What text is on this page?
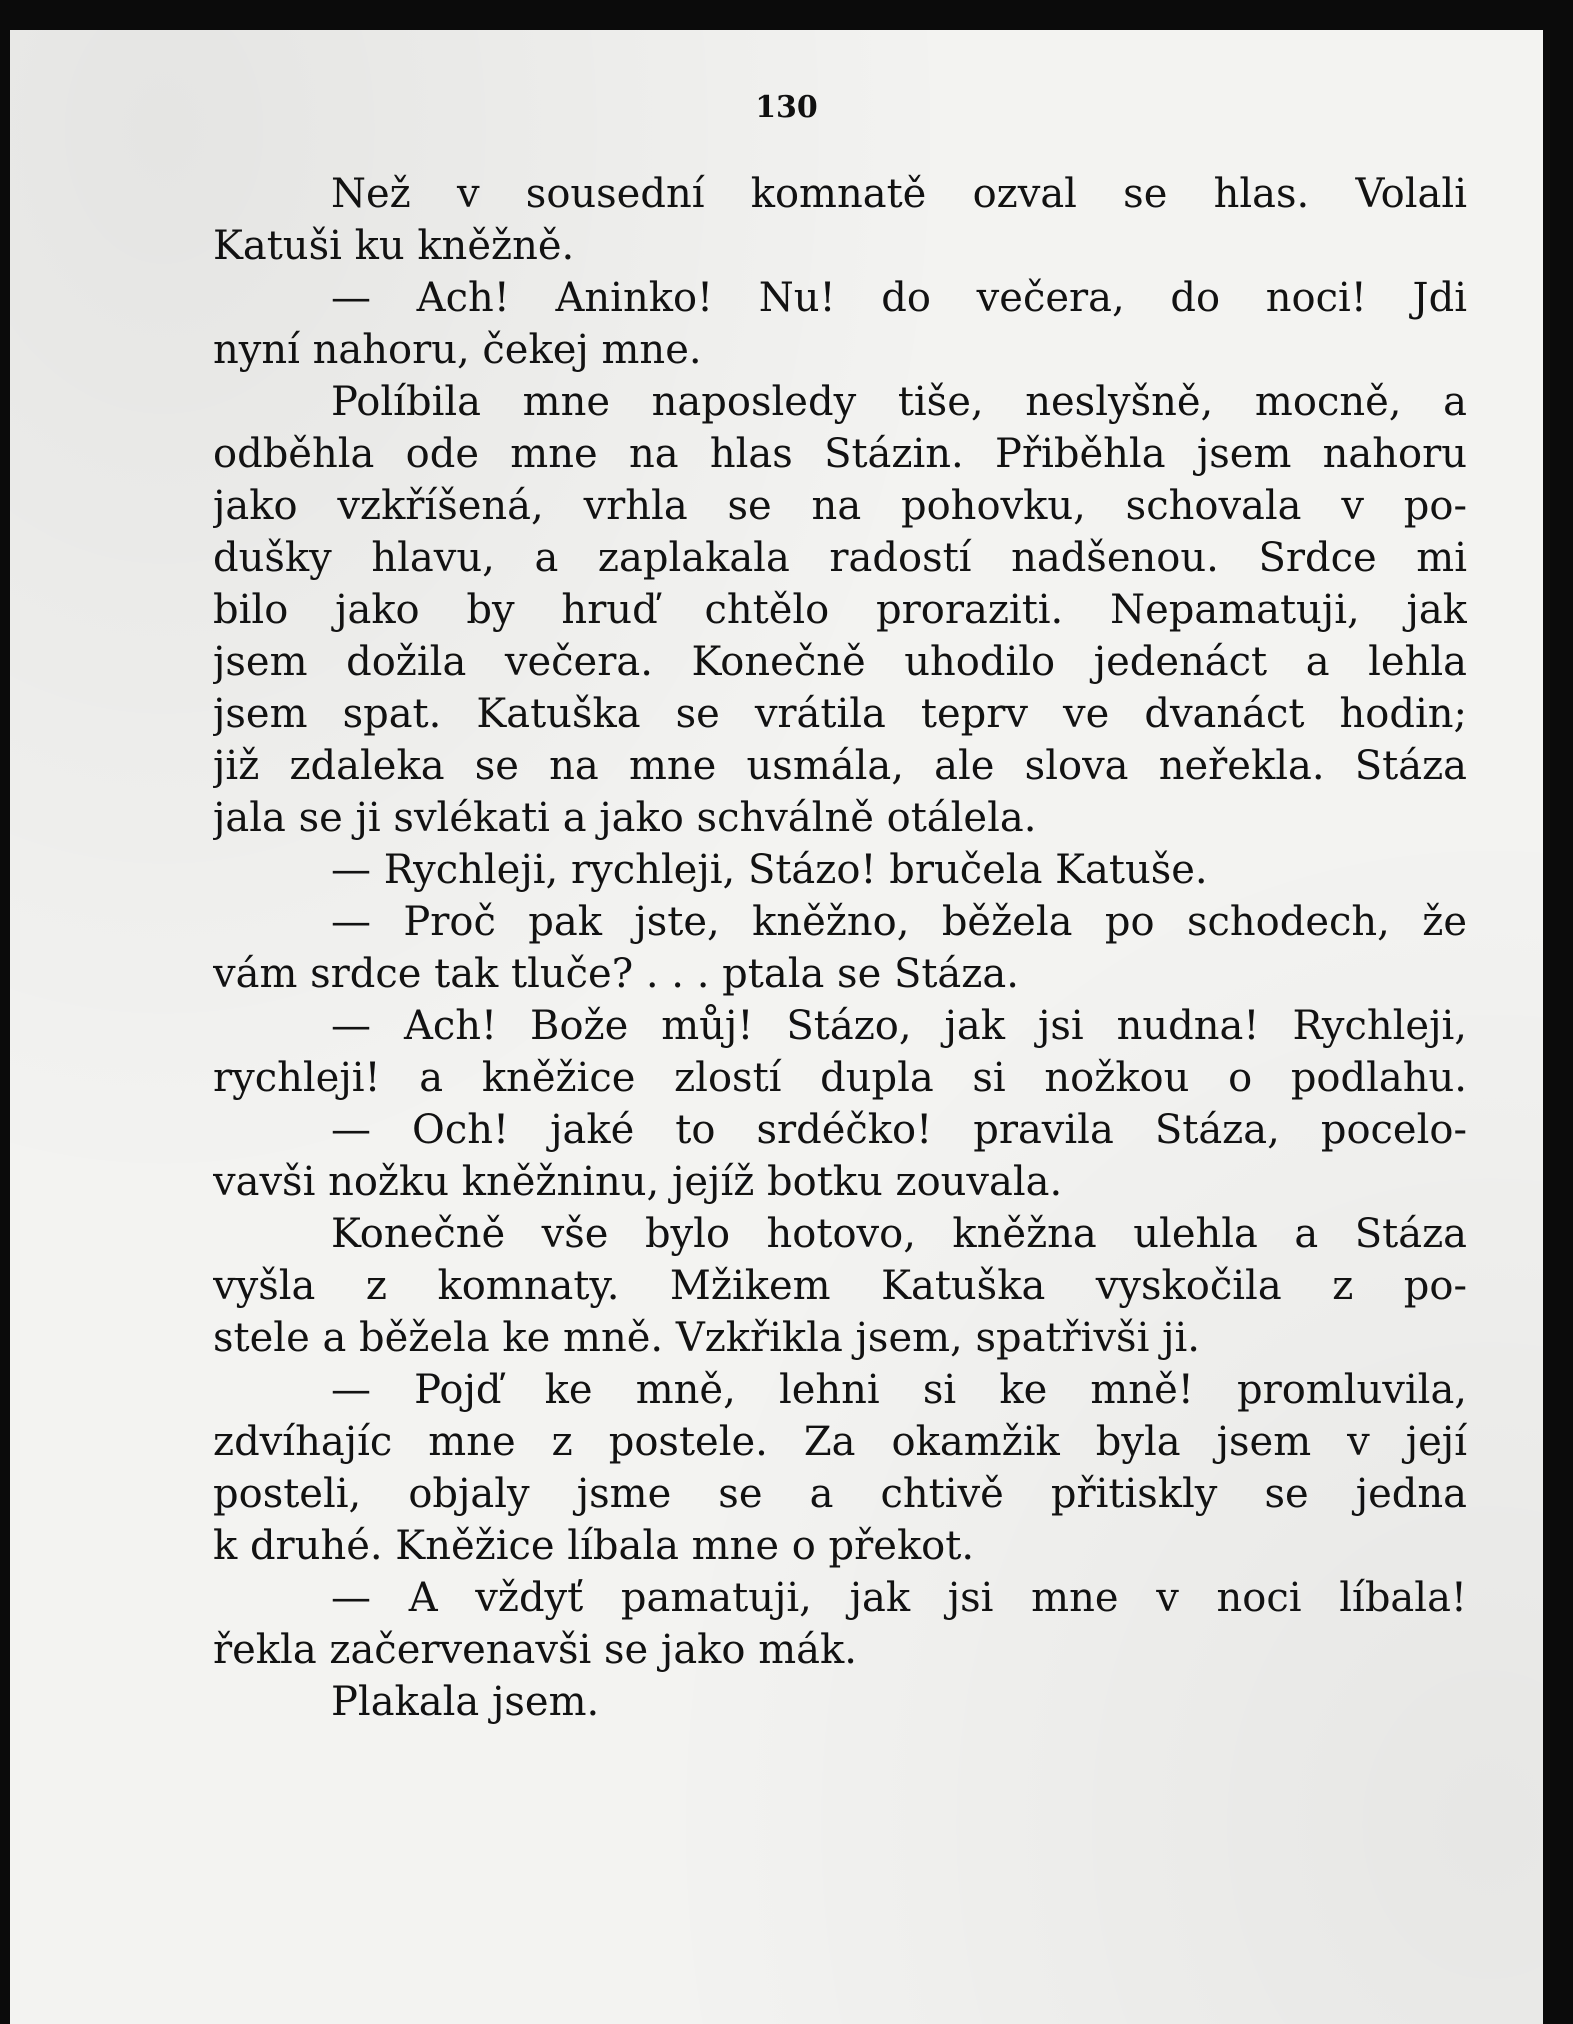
130
Než v sousední komnatě ozval se hlas. Volali
Katuši ku kněžně.
— Ach! Aninko! Nu! do večera, do noci! Jdi
nyní nahoru, čekej mne.
Políbila mne naposledy tiše, neslyšně, mocně, a
odběhla ode mne na hlas Stázin. Přiběhla jsem nahoru
jako vzkříšená, vrhla se na pohovku, schovala v po-
dušky hlavu, a zaplakala radostí nadšenou. Srdce mi
bilo jako by hruď chtělo proraziti. Nepamatuji, jak
jsem dožila večera. Konečně uhodilo jedenáct a lehla
jsem spat. Katuška se vrátila teprv ve dvanáct hodin;
již zdaleka se na mne usmála, ale slova neřekla. Stáza
jala se ji svlékati a jako schválně otálela.
— Rychleji, rychleji, Stázo! bručela Katuše.
— Proč pak jste, kněžno, běžela po schodech, že
vám srdce tak tluče? . . . ptala se Stáza.
— Ach! Bože můj! Stázo, jak jsi nudna! Rychleji,
rychleji! a kněžice zlostí dupla si nožkou o podlahu.
— Och! jaké to srdéčko! pravila Stáza, pocelo-
vavši nožku kněžninu, jejíž botku zouvala.
Konečně vše bylo hotovo, kněžna ulehla a Stáza
vyšla z komnaty. Mžikem Katuška vyskočila z po-
stele a běžela ke mně. Vzkřikla jsem, spatřivši ji.
— Pojď ke mně, lehni si ke mně! promluvila,
zdvíhajíc mne z postele. Za okamžik byla jsem v její
posteli, objaly jsme se a chtivě přitiskly se jedna
k druhé. Kněžice líbala mne o překot.
— A vždyť pamatuji, jak jsi mne v noci líbala!
řekla začervenavši se jako mák.
Plakala jsem.
